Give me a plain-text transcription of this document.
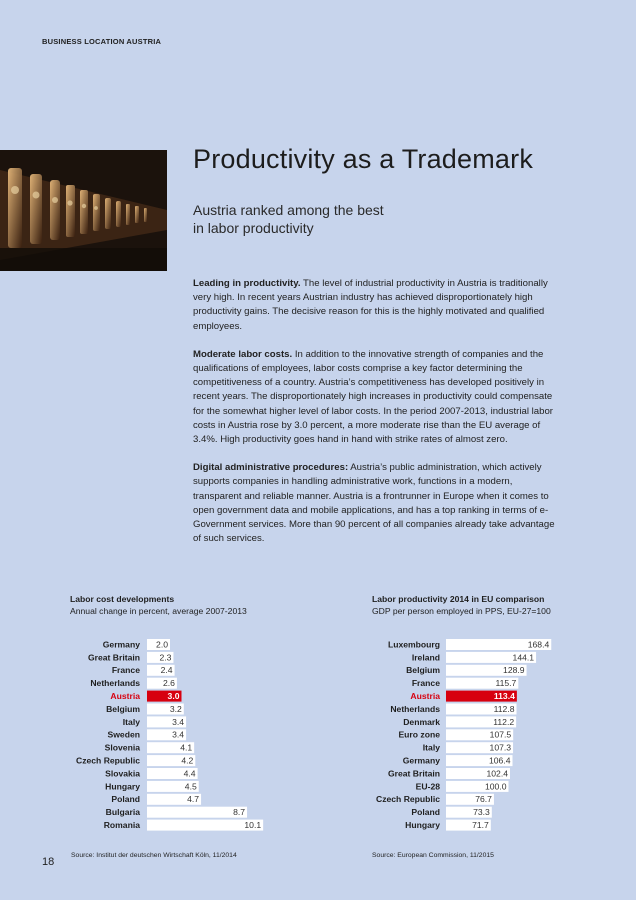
BUSINESS LOCATION AUSTRIA
Productivity as a Trademark
Austria ranked among the best
in labor productivity

Leading in productivity. The level of industrial productivity in Austria is traditionally very high. In recent years Austrian industry has achieved disproportionately high productivity gains. The decisive reason for this is the highly motivated and qualified employees.

Moderate labor costs. In addition to the innovative strength of companies and the qualifications of employees, labor costs comprise a key factor determining the competitiveness of a country. Austria’s competitiveness has developed positively in recent years. The disproportionately high increases in productivity could compensate for the somewhat higher level of labor costs. In the period 2007-2013, industrial labor costs in Austria rose by 3.0 percent, a more moderate rise than the EU average of 3.4%. High productivity goes hand in hand with strike rates of almost zero.

Digital administrative procedures: Austria’s public administration, which actively supports companies in handling administrative work, functions in a modern, transparent and reliable manner. Austria is a frontrunner in Europe when it comes to open government data and mobile applications, and has a top ranking in terms of e-Government services. More than 90 percent of all companies already take advantage of such services.

Labor cost developments
Annual change in percent, average 2007-2013
Germany 2.0
Great Britain 2.3
France 2.4
Netherlands	2.6
Austria	3.0
Belgium	3.2
Italy	3.4
Sweden	3.4
Slovenia	4.1
Czech Republic	4.2
Slovakia	4.4
Hungary	4.5
Poland	4.7
Bulgaria	8.7
Romania	10.1
Source: Institut der deutschen Wirtschaft Köln, 11/2014
Labor productivity 2014 in EU comparison
GDP per person employed in PPS, EU-27=100
Luxembourg	168.4
Ireland	144.1
Belgium	128.9
France	115.7
Austria	113.4
Netherlands	112.8
Denmark	112.2
Euro zone	107.5
Italy	107.3
Germany	106.4
Great Britain	102.4
EU-28	100.0
Czech Republic	76.7
Poland	73.3
Hungary	71.7
Source: European Commission, 11/2015
18
